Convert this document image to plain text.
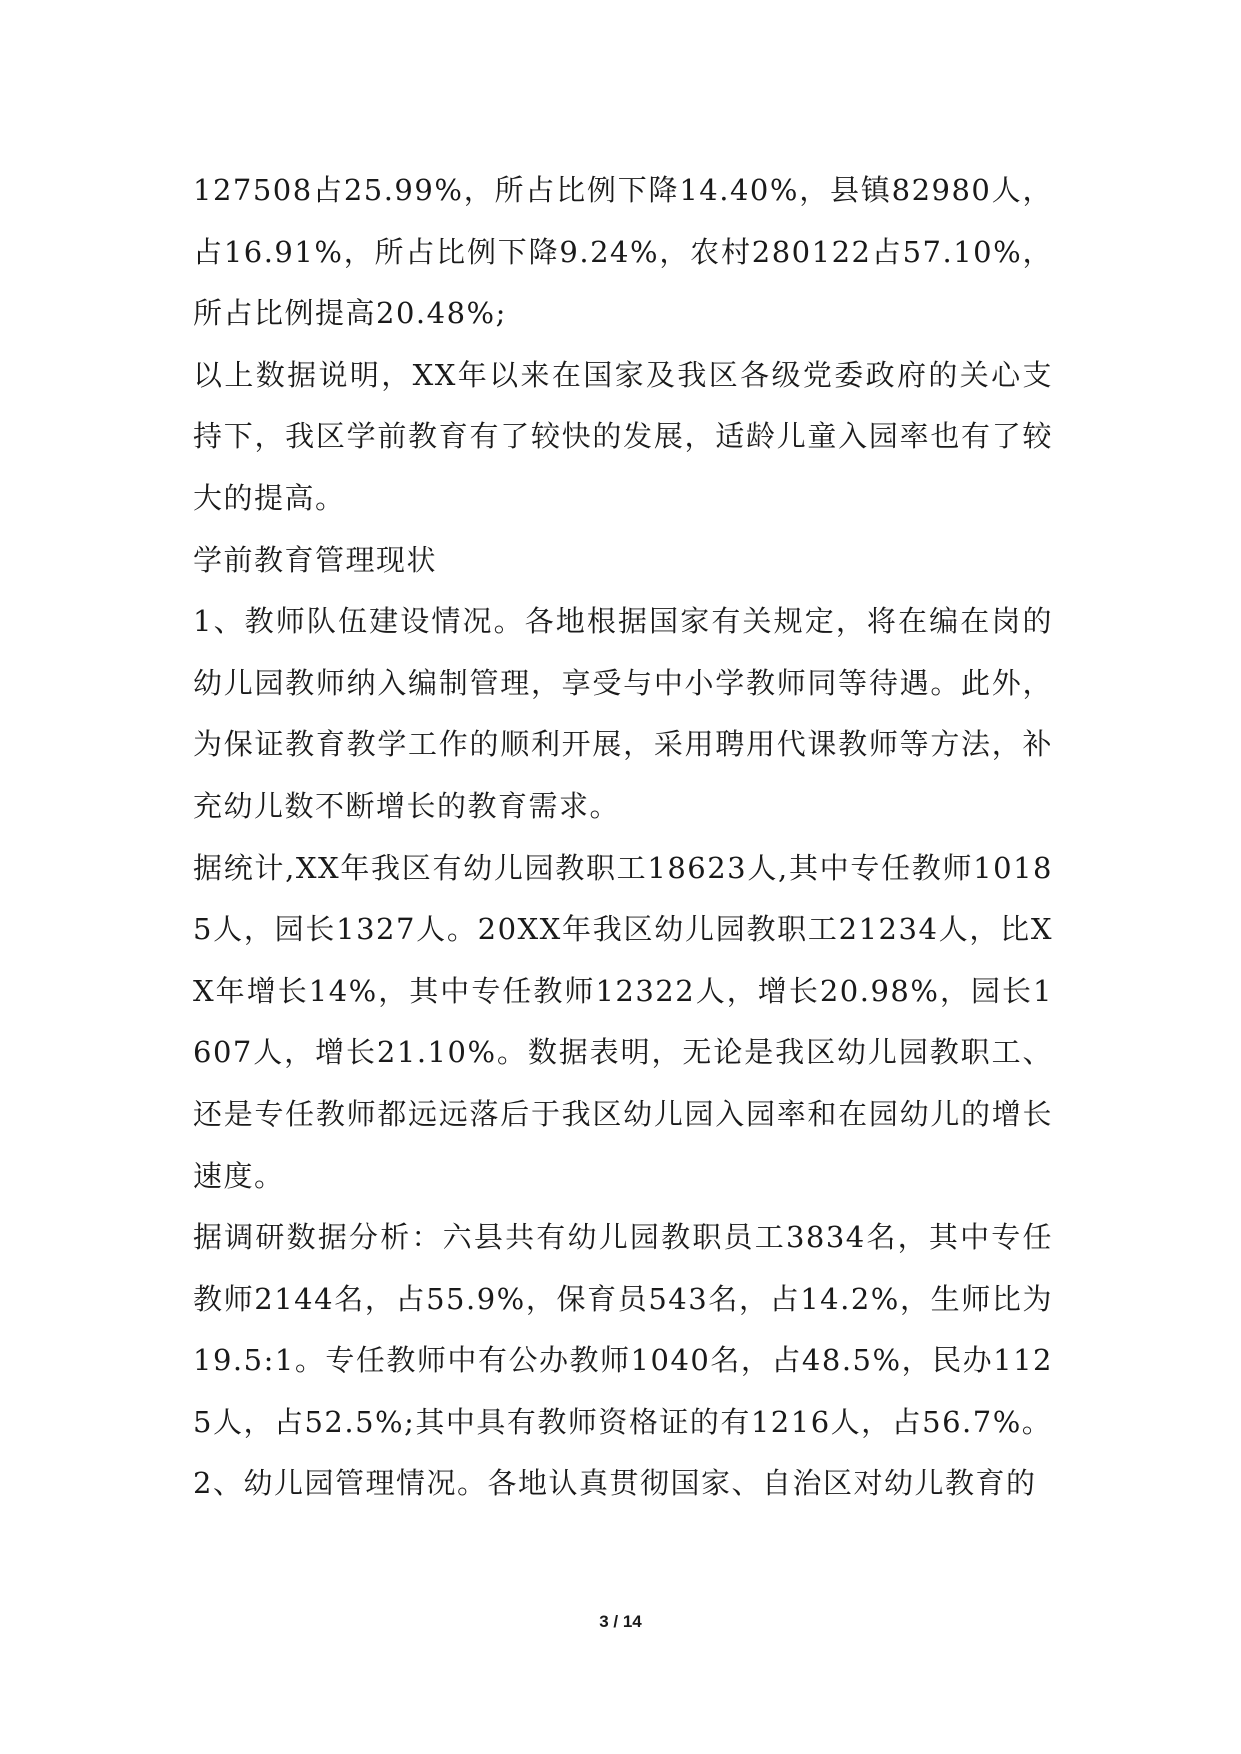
127508占25.99%，所占比例下降14.40%，县镇82980人，占16.91%，所占比例下降9.24%，农村280122占57.10%，所占比例提高20.48%;

以上数据说明，XX年以来在国家及我区各级党委政府的关心支持下，我区学前教育有了较快的发展，适龄儿童入园率也有了较大的提高。

学前教育管理现状

1、教师队伍建设情况。各地根据国家有关规定，将在编在岗的幼儿园教师纳入编制管理，享受与中小学教师同等待遇。此外，为保证教育教学工作的顺利开展，采用聘用代课教师等方法，补充幼儿数不断增长的教育需求。

据统计,XX年我区有幼儿园教职工18623人,其中专任教师10185人，园长1327人。20XX年我区幼儿园教职工21234人，比XX年增长14%，其中专任教师12322人，增长20.98%，园长1607人，增长21.10%。数据表明，无论是我区幼儿园教职工、还是专任教师都远远落后于我区幼儿园入园率和在园幼儿的增长速度。

据调研数据分析：六县共有幼儿园教职员工3834名，其中专任教师2144名，占55.9%，保育员543名，占14.2%，生师比为19.5:1。专任教师中有公办教师1040名，占48.5%，民办1125人，占52.5%;其中具有教师资格证的有1216人，占56.7%。

2、幼儿园管理情况。各地认真贯彻国家、自治区对幼儿教育的

3 / 14
